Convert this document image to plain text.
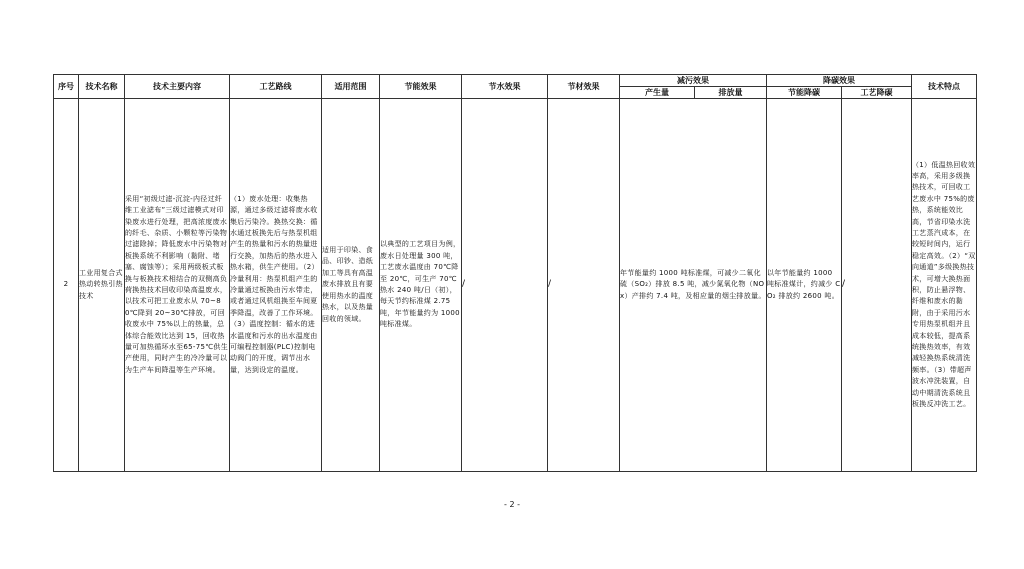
序号	技术名称	技术主要内容	工艺路线	适用范围	节能效果	节水效果	节材效果	减污效果		降碳效果		技术特点
								产生量	排放量	节能降碳	工艺降碳	
2	工业用复合式热动转热引热技术	采用“初级过滤-沉淀-内径过纤维工业滤布”三级过滤模式对印染废水进行处理，把高浓度废水的纤毛、杂质、小颗粒等污染物过滤除掉；降低废水中污染物对板换系统不利影响（黏附、堵塞、腐蚀等）；采用两级板式板换与板换技术相结合的双侧高负荷换热技术回收印染高温废水，以技术可把工业废水从 70~80℃降到 20~30℃排放，可回收废水中 75%以上的热量，总体综合能效比达到 15，回收热量可加热循环水至65-75℃供生产使用，同时产生的冷冷量可以为生产车间降温等生产环境。	（1）废水处理：收集热源，通过多级过滤将废水收集后污染冷。换热交换：循水通过板换先后与热泵机组产生的热量和污水的热量进行交换，加热后的热水进入热水箱，供生产使用。（2）冷量利用：热泵机组产生的冷量通过板换由污水带走，或者通过风机组换至车间夏季降温，改善了工作环境。（3）温度控制：循水的进水温度和污水的出水温度由可编程控制器(PLC)控制电动阀门的开度，调节出水量，达到设定的温度。	适用于印染、食品、印钞、造纸加工等具有高温废水排放且有要使用热水的温度热水，以及热量回收的领域。	以典型的工艺项目为例，废水日处理量 300 吨，工艺废水温度由 70℃降至 20℃，可生产 70℃热水 240 吨/日（初），每天节约标准煤 2.75 吨，年节能量约为 1000 吨标准煤。	/	/	年节能量约 1000 吨标准煤，可减少二氧化硫（SO₂）排放 8.5 吨，减少氮氧化物（NOx）产排约 7.4 吨，及相应量的烟尘排放量。		以年节能量约 1000 吨标准煤计，约减少 CO₂ 排放约 2600 吨。	/	（1）低温热回收效率高，采用多级换热技术，可回收工艺废水中 75%的废热，系统能效比高，节省印染水洗工艺蒸汽成本，在较短时间内，运行稳定高效。（2）“双向通道”多级换热技术，可增大换热面积，防止悬浮物、纤维和废水的黏附，由于采用污水专用热泵机组并且成本较低，提高系统换热效率，有效减轻换热系统清洗频率。（3）带超声波水冲洗装置，自动中期清洗系统且板换反冲洗工艺。
- 2 -
